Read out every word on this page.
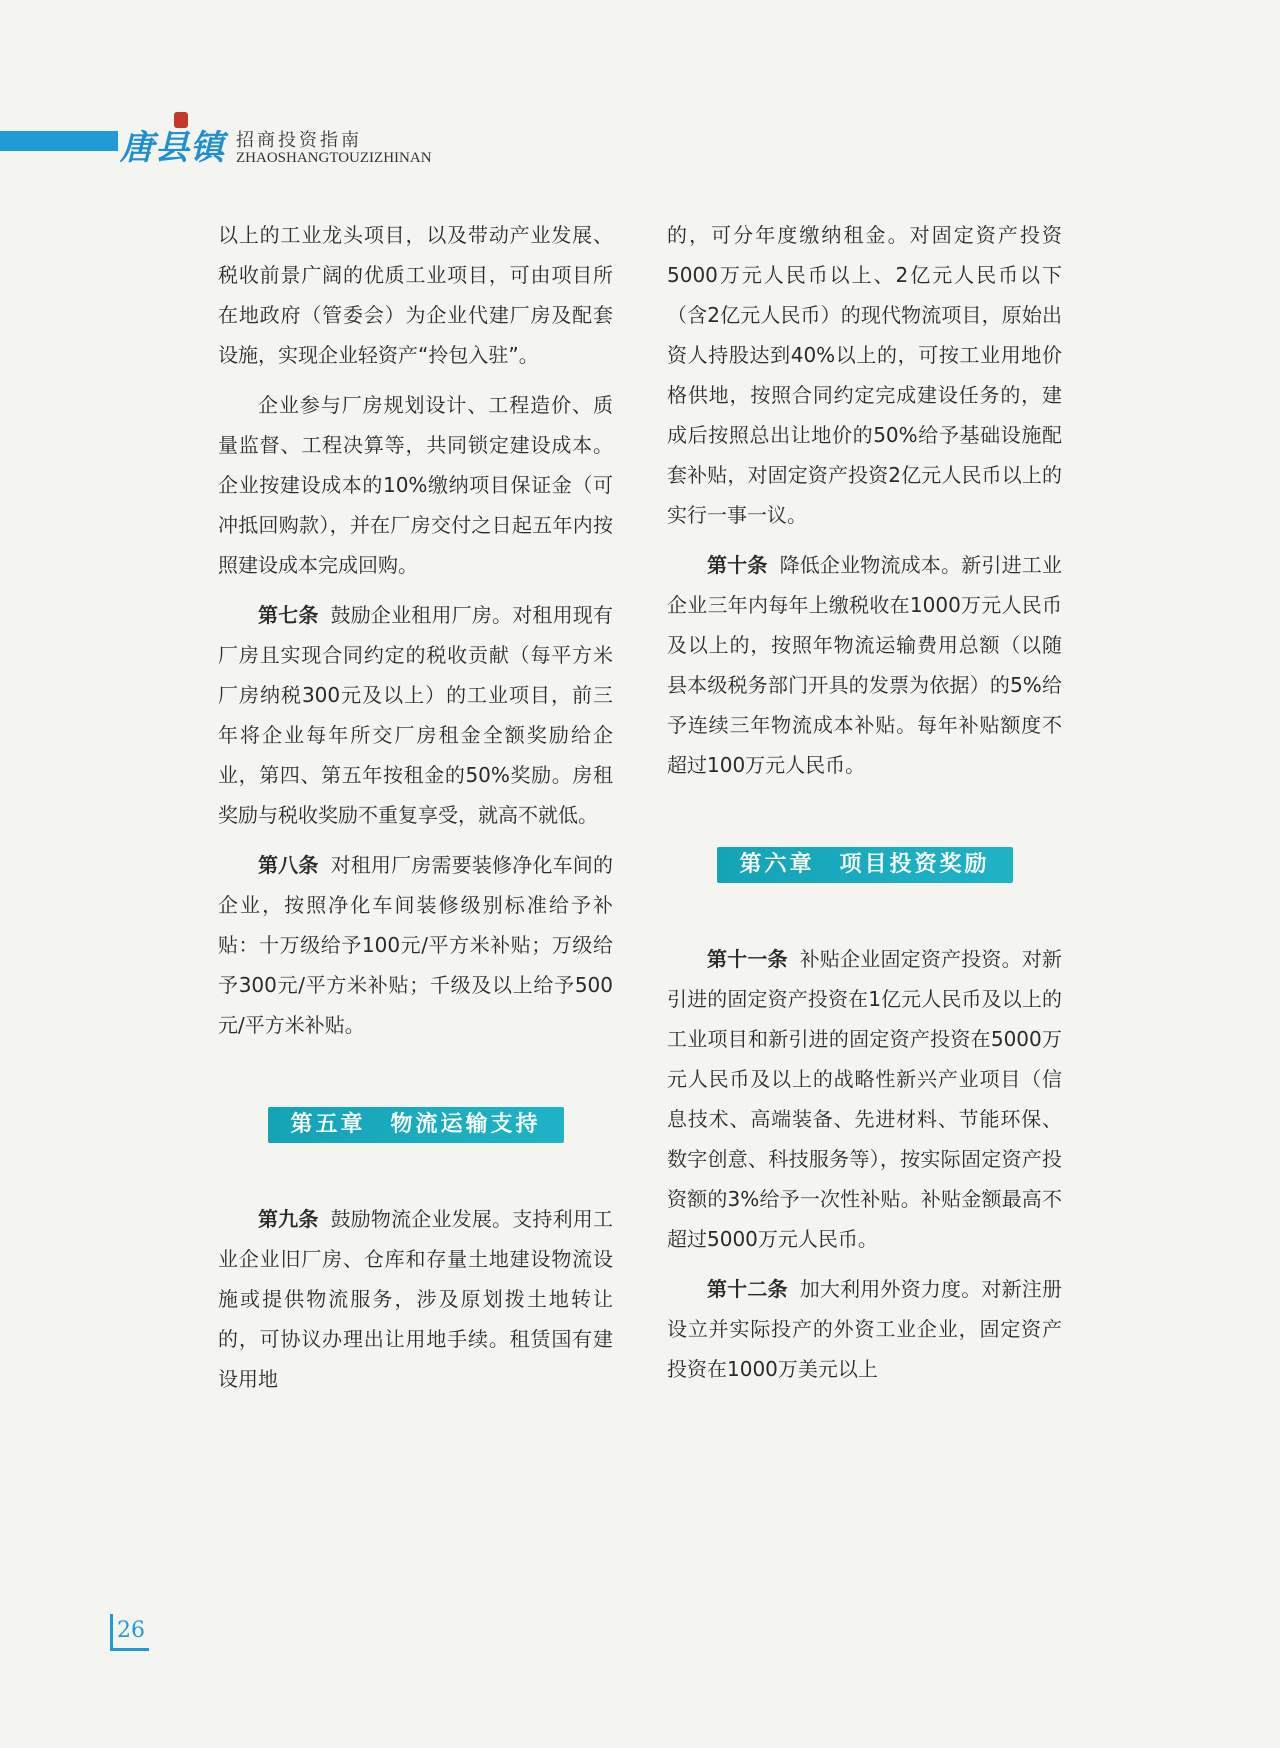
唐县镇 招商投资指南
ZHAOSHANGTOUZIZHINAN

以上的工业龙头项目，以及带动产业发展、税收前景广阔的优质工业项目，可由项目所在地政府（管委会）为企业代建厂房及配套设施，实现企业轻资产“拎包入驻”。

企业参与厂房规划设计、工程造价、质量监督、工程决算等，共同锁定建设成本。企业按建设成本的10%缴纳项目保证金（可冲抵回购款），并在厂房交付之日起五年内按照建设成本完成回购。

第七条 鼓励企业租用厂房。对租用现有厂房且实现合同约定的税收贡献（每平方米厂房纳税300元及以上）的工业项目，前三年将企业每年所交厂房租金全额奖励给企业，第四、第五年按租金的50%奖励。房租奖励与税收奖励不重复享受，就高不就低。

第八条 对租用厂房需要装修净化车间的企业，按照净化车间装修级别标准给予补贴：十万级给予100元/平方米补贴；万级给予300元/平方米补贴；千级及以上给予500元/平方米补贴。

第五章　物流运输支持

第九条 鼓励物流企业发展。支持利用工业企业旧厂房、仓库和存量土地建设物流设施或提供物流服务，涉及原划拨土地转让的，可协议办理出让用地手续。租赁国有建设用地

的，可分年度缴纳租金。对固定资产投资5000万元人民币以上、2亿元人民币以下（含2亿元人民币）的现代物流项目，原始出资人持股达到40%以上的，可按工业用地价格供地，按照合同约定完成建设任务的，建成后按照总出让地价的50%给予基础设施配套补贴，对固定资产投资2亿元人民币以上的实行一事一议。

第十条 降低企业物流成本。新引进工业企业三年内每年上缴税收在1000万元人民币及以上的，按照年物流运输费用总额（以随县本级税务部门开具的发票为依据）的5%给予连续三年物流成本补贴。每年补贴额度不超过100万元人民币。

第六章　项目投资奖励

第十一条 补贴企业固定资产投资。对新引进的固定资产投资在1亿元人民币及以上的工业项目和新引进的固定资产投资在5000万元人民币及以上的战略性新兴产业项目（信息技术、高端装备、先进材料、节能环保、数字创意、科技服务等），按实际固定资产投资额的3%给予一次性补贴。补贴金额最高不超过5000万元人民币。

第十二条 加大利用外资力度。对新注册设立并实际投产的外资工业企业，固定资产投资在1000万美元以上

26
